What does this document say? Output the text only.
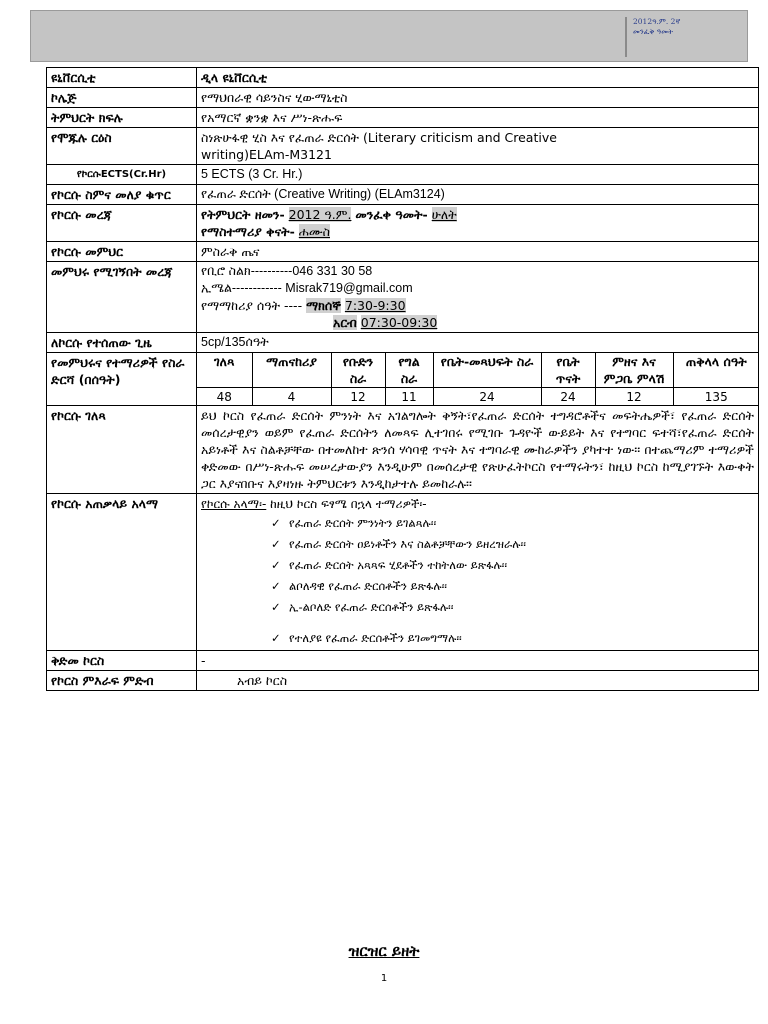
2012ዓ.ም. 2ኛ
መንፈቅ ዓመት
ዩኒቨርሲቲ	ዲላ ዩኒቨርሲቲ
ኮሌጅ	የማህበራዊ ሳይንስና ሂውማኒቲስ
ትምህርት ክፍሉ	የአማርኛ ቋንቋ እና ሥነ-ጽሑፍ
የሞጁሉ ርዕስ	ስነጽሁፋዊ ሂስ እና የፈጠራ ድርሰት (Literary criticism and Creative
writing)ELAm-M3121

የኮርሱECTS(Cr.Hr)	5 ECTS (3 Cr. Hr.)
የኮርሱ ስምና መለያ ቁጥር	የፈጠራ ድርሰት (Creative Writing) (ELAm3124)
የኮርሱ መረጃ	የትምህርት ዘመን- 2012 ዓ.ም. መንፈቀ ዓመት- ሁለት
የማስተማሪያ ቀናት- ሐሙስ

የኮርሱ መምህር	ምስራቅ ጤና
መምህሩ የሚገኝበት መረጃ	የቢሮ ስልክ----------046 331 30 58
ኢሜል------------ Misrak719@gmail.com
የማማከሪያ ሰዓት ---- ማክሰኞ 7:30-9:30
አርብ 07:30-09:30

ለኮርሱ የተሰጠው ጊዜ	5cp/135ሰዓት
የመምህሩና የተማሪዎች የስራ ድርሻ (በሰዓት)	
ገለጻ	ማጠናከሪያ	የቡድን ስራ	የግል ስራ	የቤት-መጻህፍት ስራ	የቤት ጥናት	ምዘና እና ምጋቤ ምላሽ	ጠቅላላ ሰዓት
48	4	12	11	24	24	12	135

የኮርሱ ገለጻ	ይህ ኮርስ የፈጠራ ድርሰት ምንነት እና አገልግሎት ቅኝት፣የፈጠራ ድርሰት ተግዳሮቶችና መፍትሔዎች፣ የፈጠራ ድርሰት መሰረታዊያን ወይም የፈጠራ ድርሰትን ለመጻፍ ሊተገበሩ የሚገቡ ጉዳዮች ውይይት እና የተግባር ፍተሻ፣የፈጠራ ድርሰት አይነቶች እና ስልቶቻቸው በተመለከተ ጽንሰ ሃሳባዊ ጥናት እና ተግባራዊ ሙከራዎችን ያካተተ ነው፡፡ በተጨማሪም ተማሪዎች ቀድመው በሥነ-ጽሑፍ መሠረታውያን እንዲሁም በመሰረታዊ የጽሁፈትኮርስ የተማሩትን፣ ከዚህ ኮርስ ከሚያገኙት እውቀት ጋር እያናበቡና እያዛነዙ ትምህርቱን እንዲከታተሉ ይመከራሉ፡፡
የኮርሱ አጠቃላይ አላማ	የኮርሱ አላማ፡- ከዚህ ኮርስ ፍፃሜ በኋላ ተማሪዎች፡-
✓ የፈጠራ ድርሰት ምንነትን ይገልጻሉ፡፡
✓ የፈጠራ ድርሰት ዐይነቶችን እና ስልቶቻቸውን ይዘረዝራሉ፡፡
✓ የፈጠራ ድርሰት አጻጻፍ ሂደቶችን ተከትለው ይጽፋሉ፡፡
✓ ልቦለዳዊ የፈጠራ ድርሰቶችን ይጽፋሉ፡፡
✓ ኢ-ልቦለድ የፈጠራ ድርሰቶችን ይጽፋሉ፡፡
✓ የተለያዩ የፈጠራ ድርሰቶችን ይገመግማሉ፡፡

ቅድመ ኮርስ	-
የኮርስ ምእራፍ ምድብ	አብይ ኮርስ
ዝርዝር ይዘት
1
